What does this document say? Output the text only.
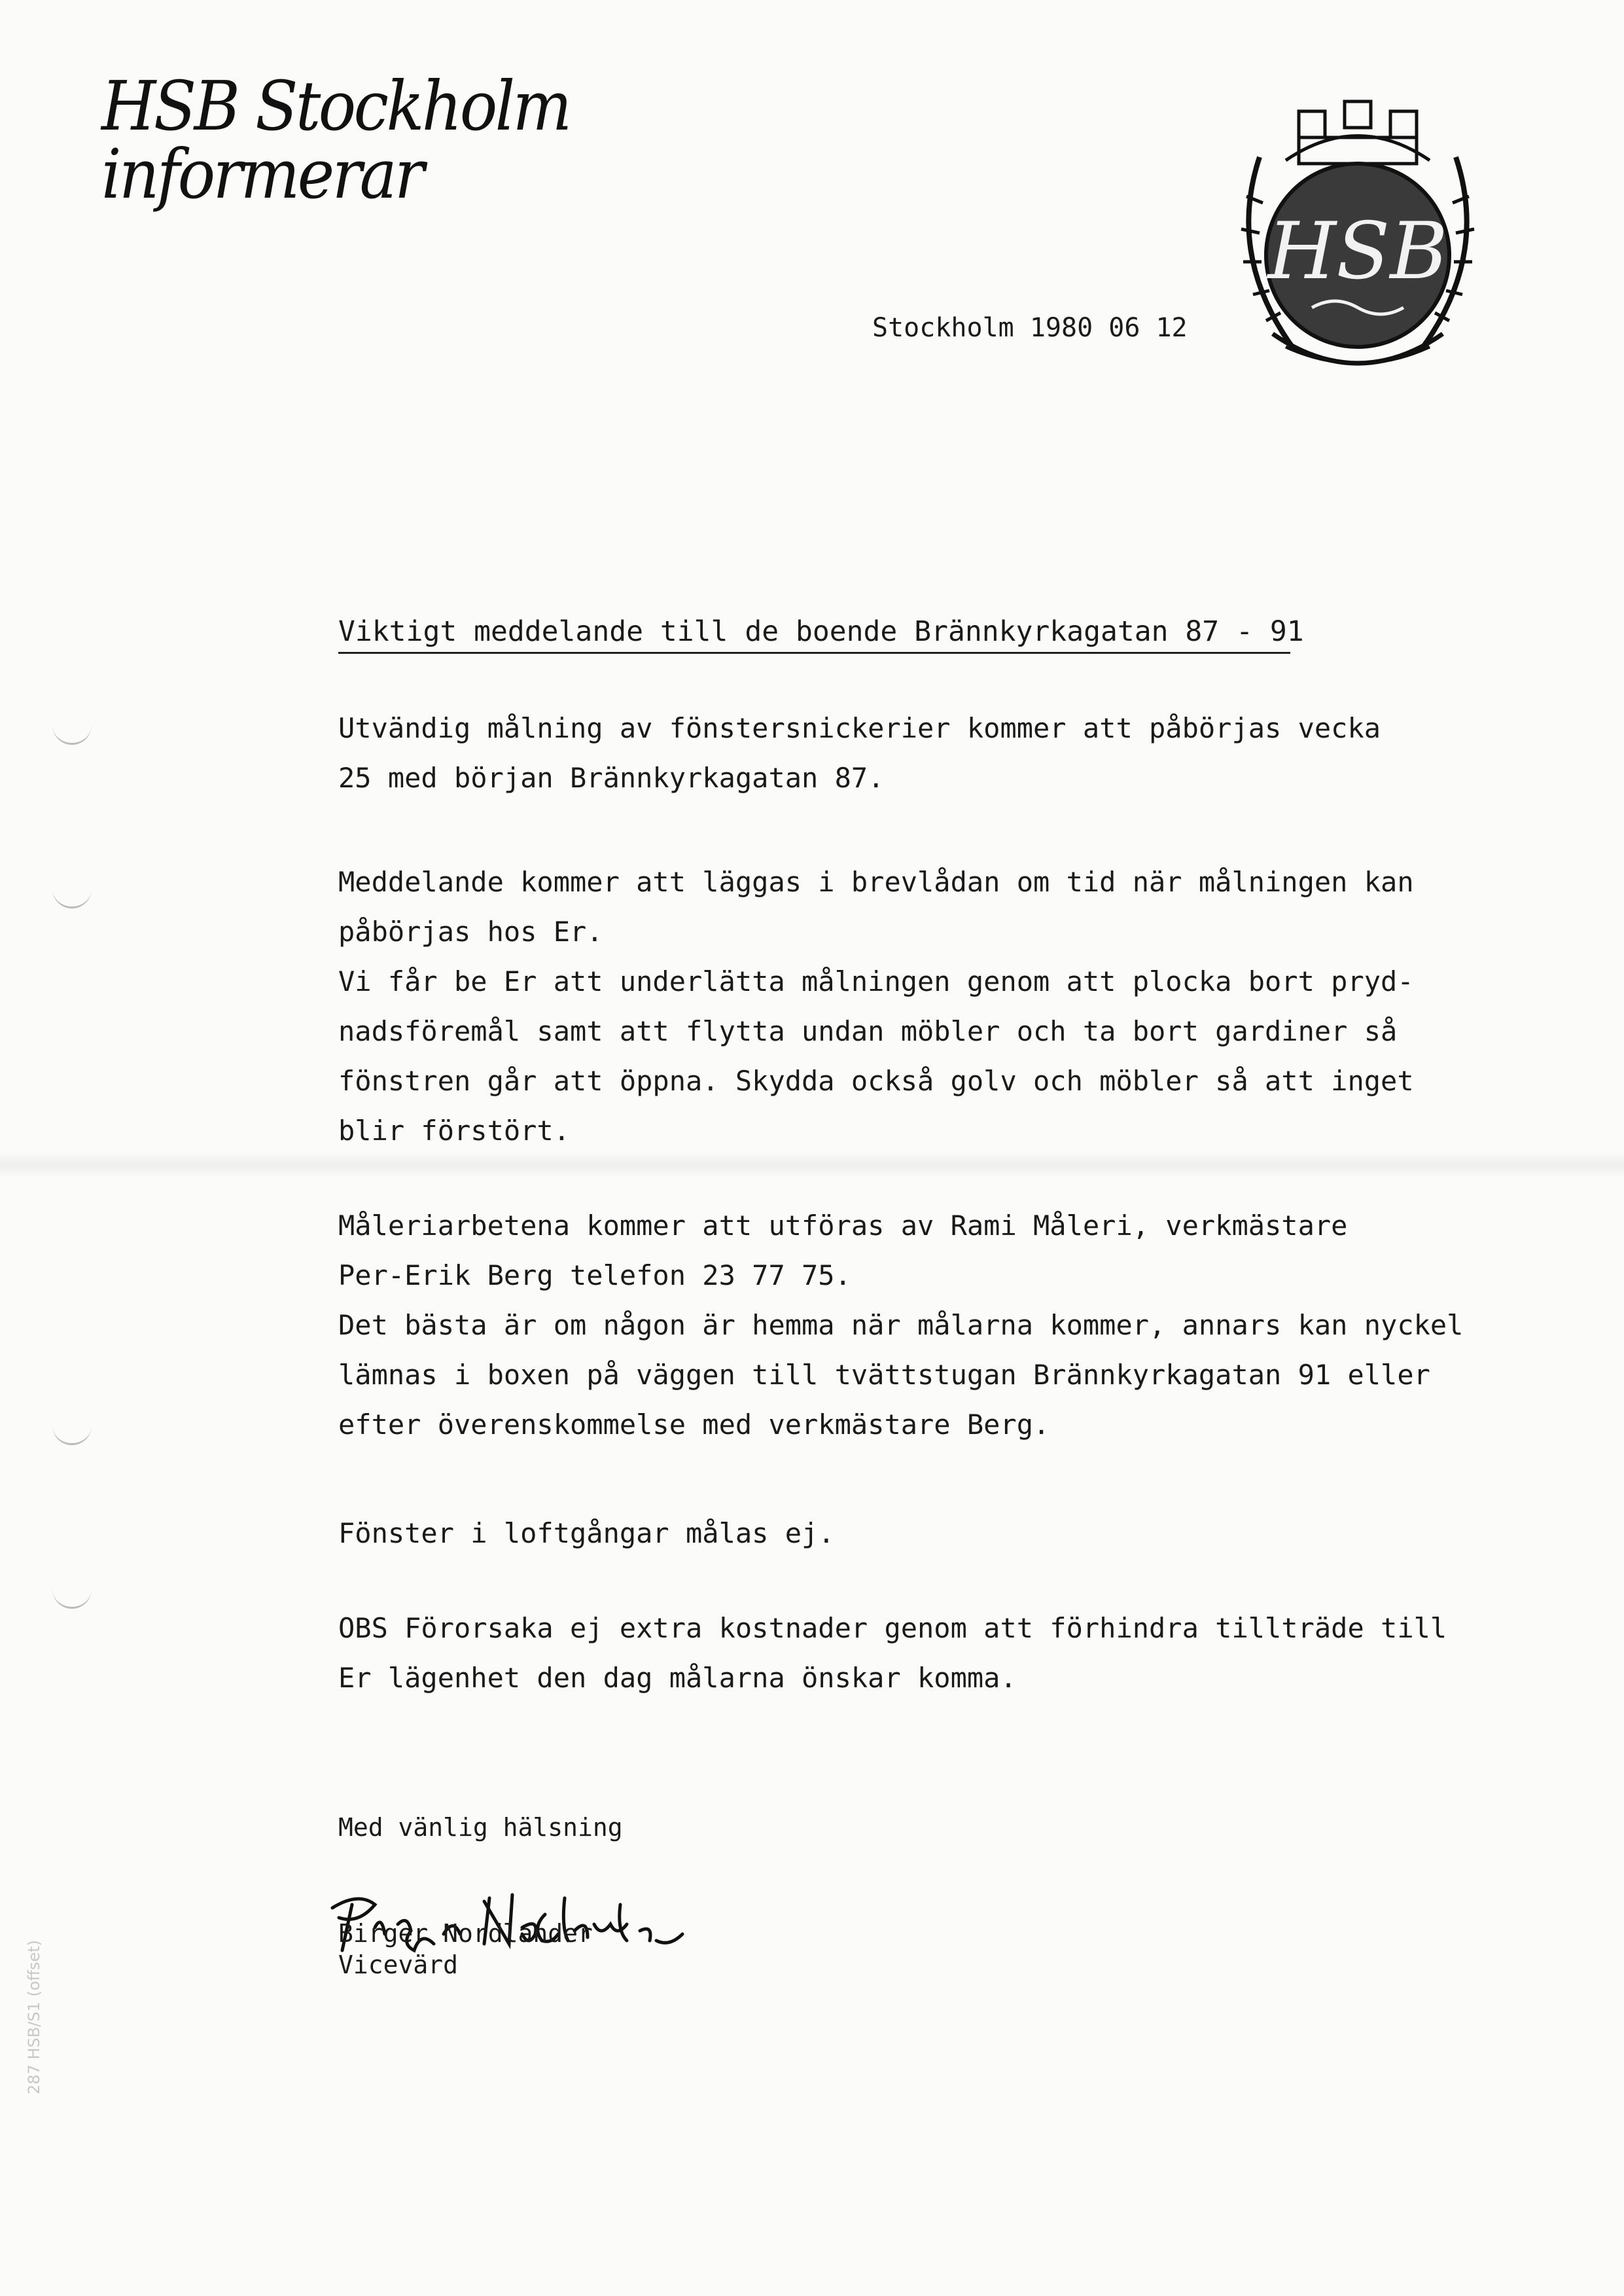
HSB Stockholm
informerar
HSB
Stockholm 1980 06 12
Viktigt meddelande till de boende Brännkyrkagatan 87 - 91
Utvändig målning av fönstersnickerier kommer att påbörjas vecka
25 med början Brännkyrkagatan 87.
Meddelande kommer att läggas i brevlådan om tid när målningen kan
påbörjas hos Er.
Vi får be Er att underlätta målningen genom att plocka bort pryd-
nadsföremål samt att flytta undan möbler och ta bort gardiner så
fönstren går att öppna. Skydda också golv och möbler så att inget
blir förstört.
Måleriarbetena kommer att utföras av Rami Måleri, verkmästare
Per-Erik Berg telefon 23 77 75.
Det bästa är om någon är hemma när målarna kommer, annars kan nyckel
lämnas i boxen på väggen till tvättstugan Brännkyrkagatan 91 eller
efter överenskommelse med verkmästare Berg.
Fönster i loftgångar målas ej.
OBS Förorsaka ej extra kostnader genom att förhindra tillträde till
Er lägenhet den dag målarna önskar komma.
Med vänlig hälsning
Birger Nordlander
Birger Nordlander
Vicevärd
287 HSB/S1 (offset)
